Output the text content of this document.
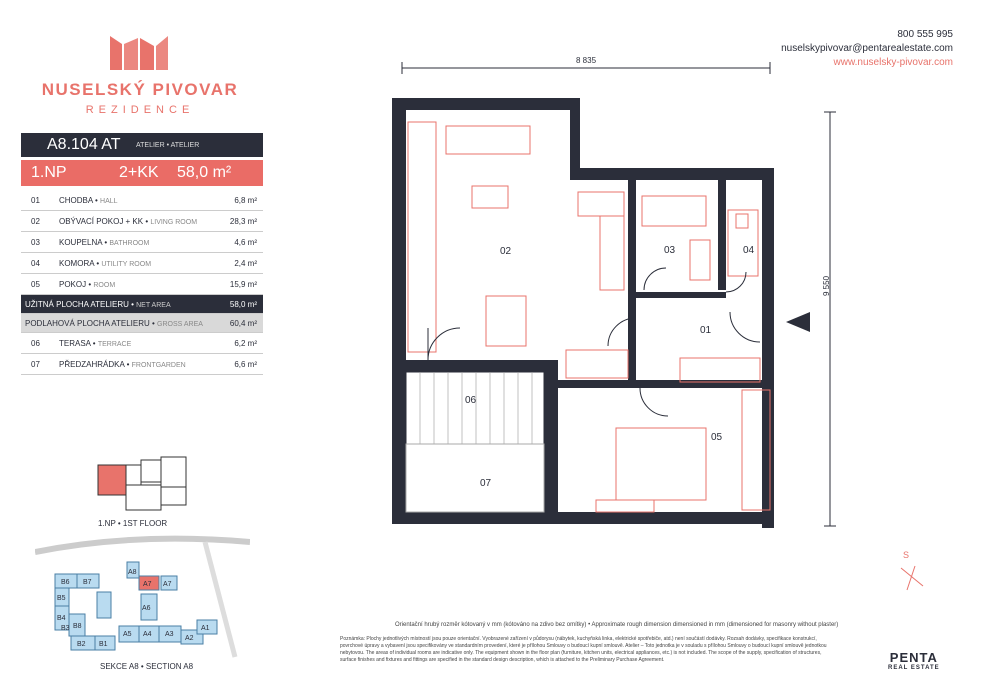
NUSELSKÝ PIVOVAR
REZIDENCE
A8.104 AT ATELIER • ATELIER
1.NP	2+KK 58,0 m²
01 CHODBA • HALL	6,8 m²
02 OBÝVACÍ POKOJ + KK • LIVING ROOM	28,3 m²
03 KOUPELNA • BATHROOM	4,6 m²
04 KOMORA • UTILITY ROOM	2,4 m²
05 POKOJ • ROOM	15,9 m²
UŽITNÁ PLOCHA ATELIERU • NET AREA	58,0 m²
PODLAHOVÁ PLOCHA ATELIERU • GROSS AREA	60,4 m²
06 TERASA • TERRACE	6,2 m²
07 PŘEDZAHRÁDKA • FRONTGARDEN	6,6 m²
1.NP • 1ST FLOOR
B6 B7
A8
A7 A7
B5
A6
B4
B3 B8
B2 B1
A5 A4 A3
A2
A1
SEKCE A8 • SECTION A8
800 555 995
nuselskypivovar@pentarealestate.com
www.nuselsky-pivovar.com
8 835
9 550
01
02	03	04
05
06
07
S
Orientační hrubý rozměr kótovaný v mm (kótováno na zdivo bez omítky) • Approximate rough dimension dimensioned in mm (dimensioned for masonry without plaster)
Poznámka: Plochy jednotlivých místností jsou pouze orientační. Vyobrazené zařízení v půdorysu (nábytek, kuchyňská linka, elektrické spotřebiče, atd.) není součástí dodávky. Rozsah dodávky, specifikace konstrukcí, povrchové úpravy a vybavení jsou specifikovány ve standardním provedení, které je přílohou Smlouvy o budoucí kupní smlouvě. Atelier – Toto jednotka je v souladu s přílohou Smlouvy o budoucí kupní smlouvě jednotkou nebytovou. The areas of individual rooms are indicative only. The equipment shown in the floor plan (furniture, kitchen units, electrical appliances, etc.) is not included. The scope of the supply, specification of structures, surface finishes and fixtures and fittings are specified in the standard design description, which is attached to the Preliminary Purchase Agreement.	PENTA
REAL ESTATE
